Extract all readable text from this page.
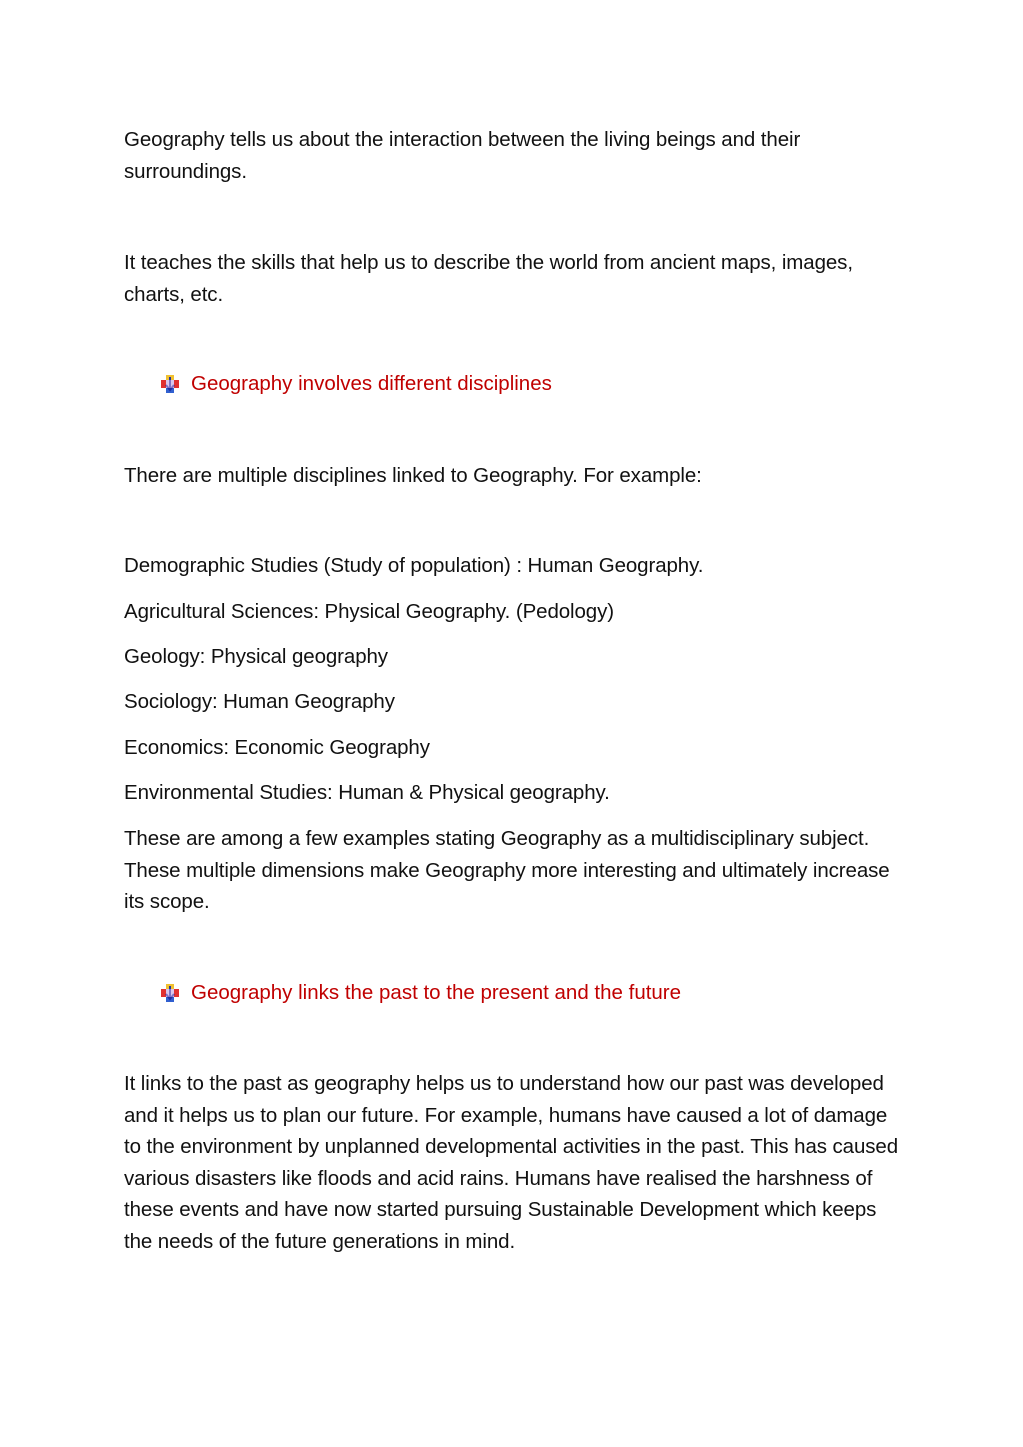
Geography tells us about the interaction between the living beings and their surroundings.

It teaches the skills that help us to describe the world from ancient maps, images, charts, etc.

Geography involves different disciplines

There are multiple disciplines linked to Geography. For example:

Demographic Studies (Study of population) : Human Geography.

Agricultural Sciences: Physical Geography. (Pedology)

Geology: Physical geography

Sociology: Human Geography

Economics: Economic Geography

Environmental Studies: Human & Physical geography.

These are among a few examples stating Geography as a multidisciplinary subject. These multiple dimensions make Geography more interesting and ultimately increase its scope.

Geography links the past to the present and the future

It links to the past as geography helps us to understand how our past was developed and it helps us to plan our future. For example, humans have caused a lot of damage to the environment by unplanned developmental activities in the past. This has caused various disasters like floods and acid rains. Humans have realised the harshness of these events and have now started pursuing Sustainable Development which keeps the needs of the future generations in mind.
